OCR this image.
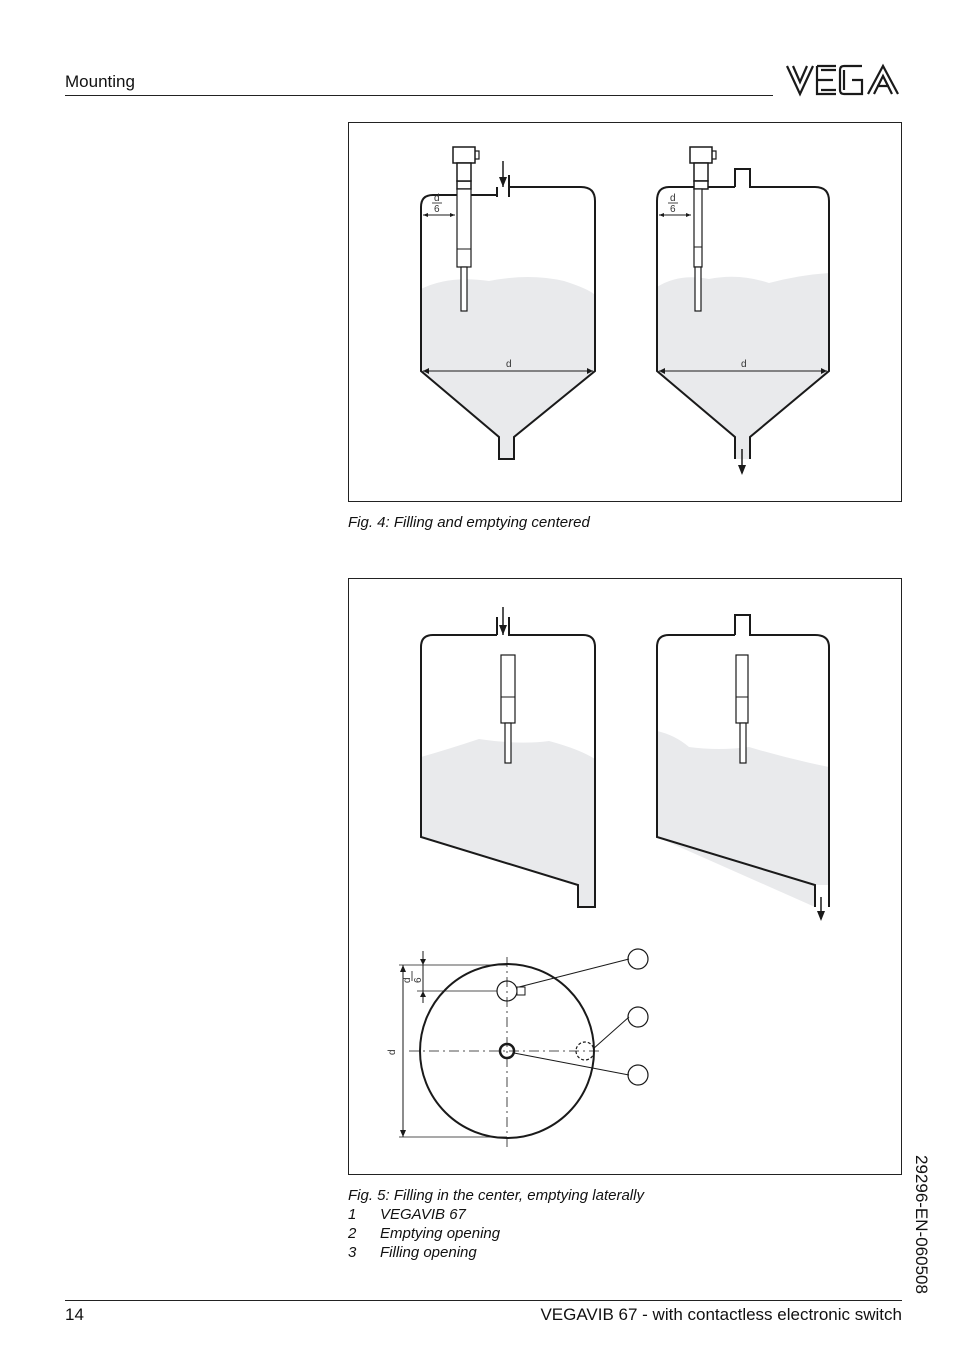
Mounting
d	d
d
6
d
6
Fig. 4: Filling and emptying centered
d
d 6
Fig. 5: Filling in the center, emptying laterally
1	VEGAVIB 67
2	Emptying opening
3	Filling opening	29296-EN-060508
14	VEGAVIB 67 - with contactless electronic switch
